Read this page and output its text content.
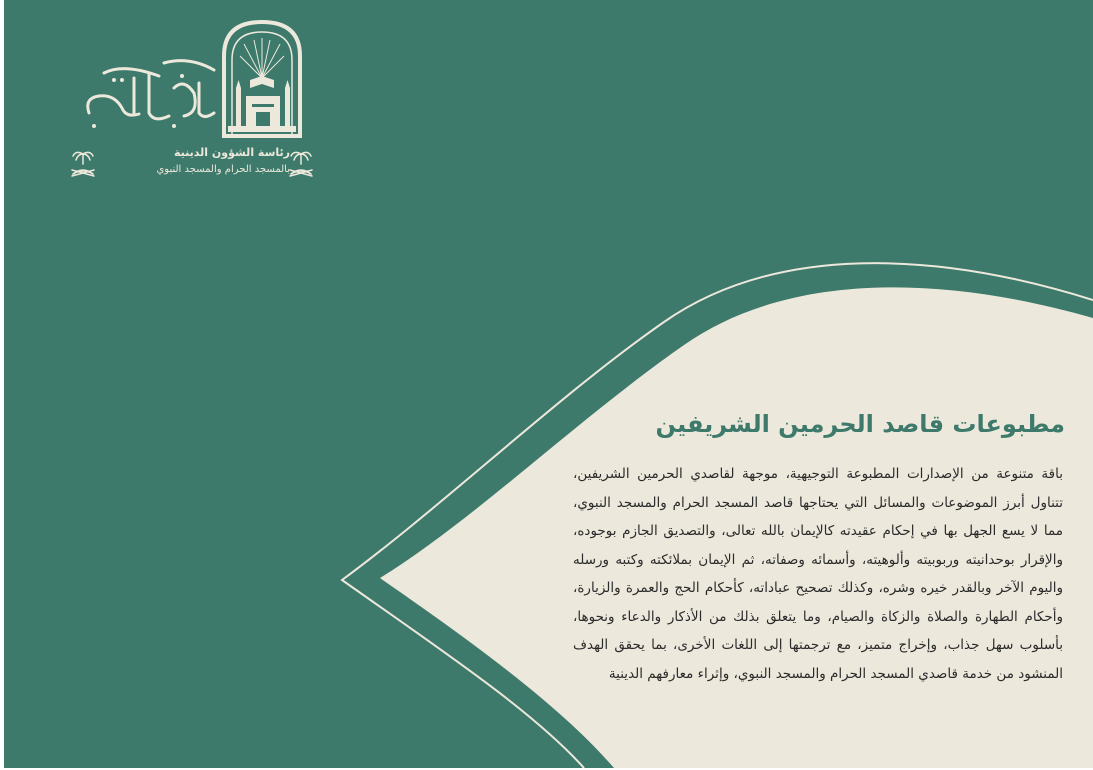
رئاسة الشؤون الدينية
بالمسجد الحرام والمسجد النبوي
مطبوعات قاصد الحرمين الشريفين
باقة متنوعة من الإصدارات المطبوعة التوجيهية، موجهة لقاصدي الحرمين الشريفين، تتناول أبرز الموضوعات والمسائل التي يحتاجها قاصد المسجد الحرام والمسجد النبوي، مما لا يسع الجهل بها في إحكام عقيدته كالإيمان بالله تعالى، والتصديق الجازم بوجوده، والإقرار بوحدانيته وربوبيته وألوهيته، وأسمائه وصفاته، ثم الإيمان بملائكته وكتبه ورسله واليوم الآخر وبالقدر خيره وشره، وكذلك تصحيح عباداته، كأحكام الحج والعمرة والزيارة، وأحكام الطهارة والصلاة والزكاة والصيام، وما يتعلق بذلك من الأذكار والدعاء ونحوها، بأسلوب سهل جذاب، وإخراج متميز، مع ترجمتها إلى اللغات الأخرى، بما يحقق الهدف المنشود من خدمة قاصدي المسجد الحرام والمسجد النبوي، وإثراء معارفهم الدينية
